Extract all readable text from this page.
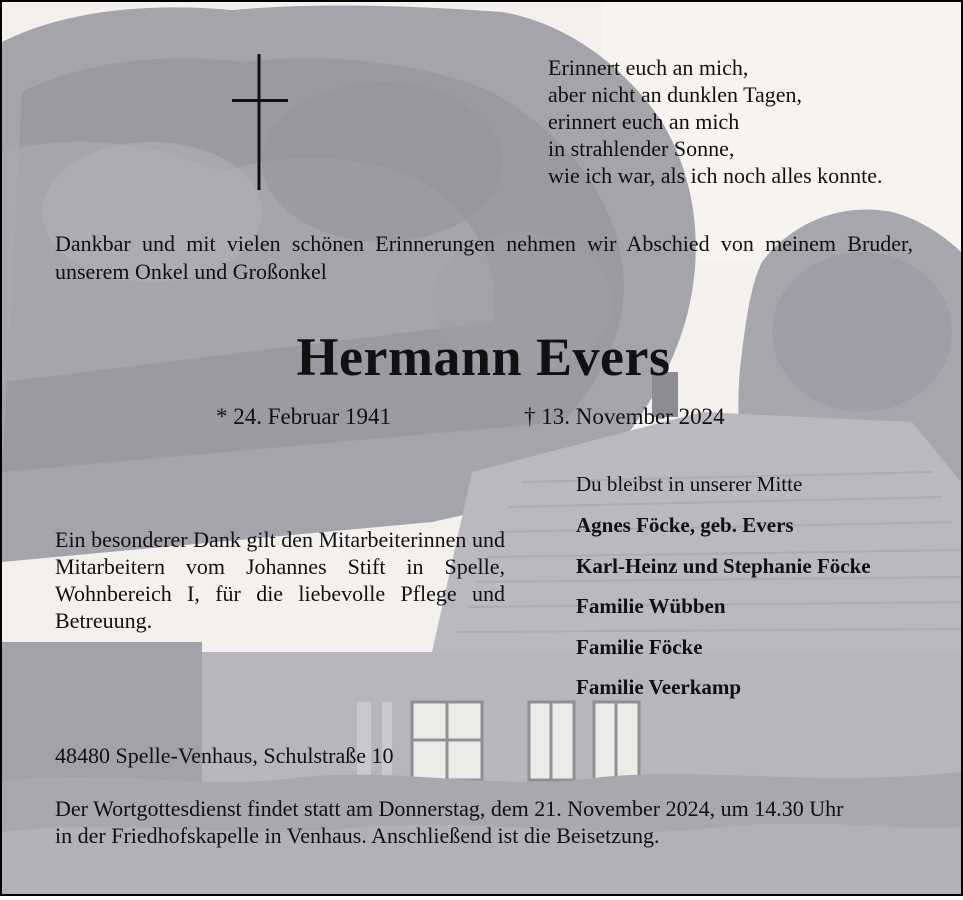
Erinnert euch an mich,
aber nicht an dunklen Tagen,
erinnert euch an mich
in strahlender Sonne,
wie ich war, als ich noch alles konnte.
Dankbar und mit vielen schönen Erinnerungen nehmen wir Abschied von meinem Bruder, unserem Onkel und Großonkel
Hermann Evers
* 24. Februar 1941	† 13. November 2024
Du bleibst in unserer Mitte
Agnes Föcke, geb. Evers
Karl-Heinz und Stephanie Föcke
Familie Wübben
Familie Föcke
Familie Veerkamp
Ein besonderer Dank gilt den Mitarbeiterinnen und Mitarbeitern vom Johannes Stift in Spelle, Wohnbereich I, für die liebevolle Pflege und Betreuung.
48480 Spelle-Venhaus, Schulstraße 10
Der Wortgottesdienst findet statt am Donnerstag, dem 21. November 2024, um 14.30 Uhr
in der Friedhofskapelle in Venhaus. Anschließend ist die Beisetzung.
